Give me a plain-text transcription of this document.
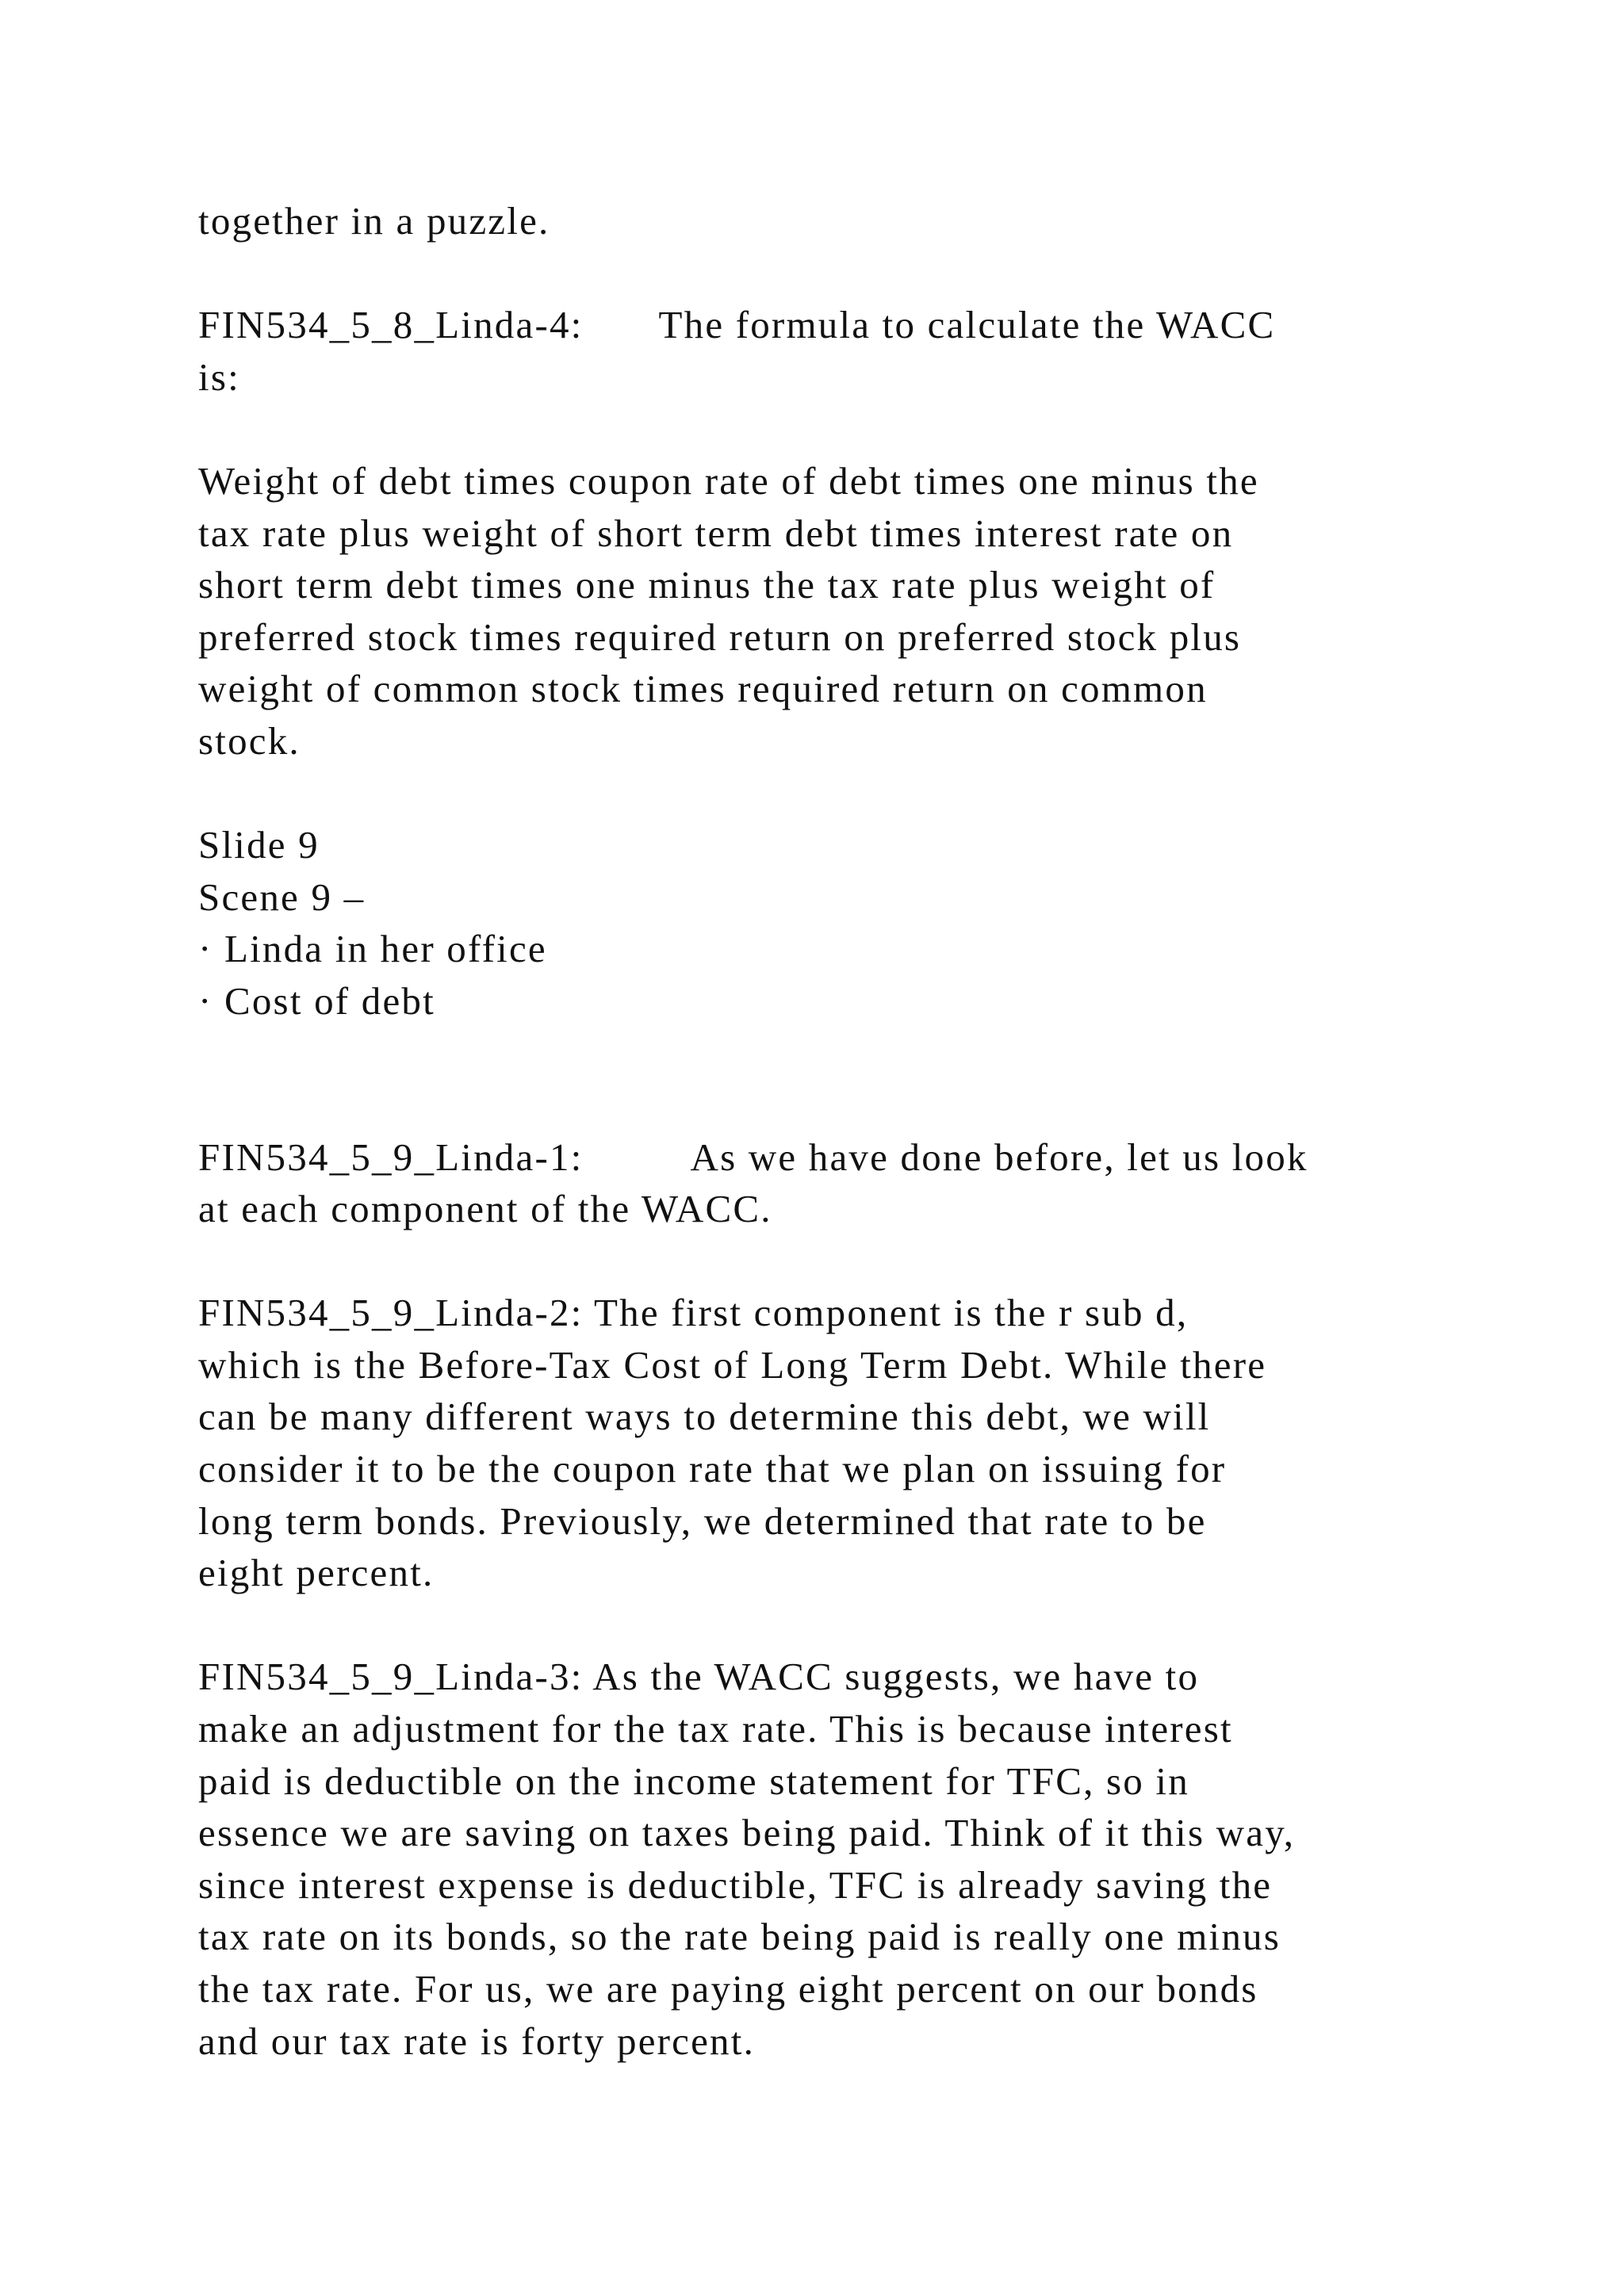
together in a puzzle.
FIN534_5_8_Linda-4: The formula to calculate the WACC
is:
Weight of debt times coupon rate of debt times one minus the
tax rate plus weight of short term debt times interest rate on
short term debt times one minus the tax rate plus weight of
preferred stock times required return on preferred stock plus
weight of common stock times required return on common
stock.
Slide 9
Scene 9 –
· Linda in her office
· Cost of debt
FIN534_5_9_Linda-1:	As we have done before, let us look
at each component of the WACC.
FIN534_5_9_Linda-2: The first component is the r sub d,
which is the Before-Tax Cost of Long Term Debt. While there
can be many different ways to determine this debt, we will
consider it to be the coupon rate that we plan on issuing for
long term bonds. Previously, we determined that rate to be
eight percent.
FIN534_5_9_Linda-3: As the WACC suggests, we have to
make an adjustment for the tax rate. This is because interest
paid is deductible on the income statement for TFC, so in
essence we are saving on taxes being paid. Think of it this way,
since interest expense is deductible, TFC is already saving the
tax rate on its bonds, so the rate being paid is really one minus
the tax rate. For us, we are paying eight percent on our bonds
and our tax rate is forty percent.
